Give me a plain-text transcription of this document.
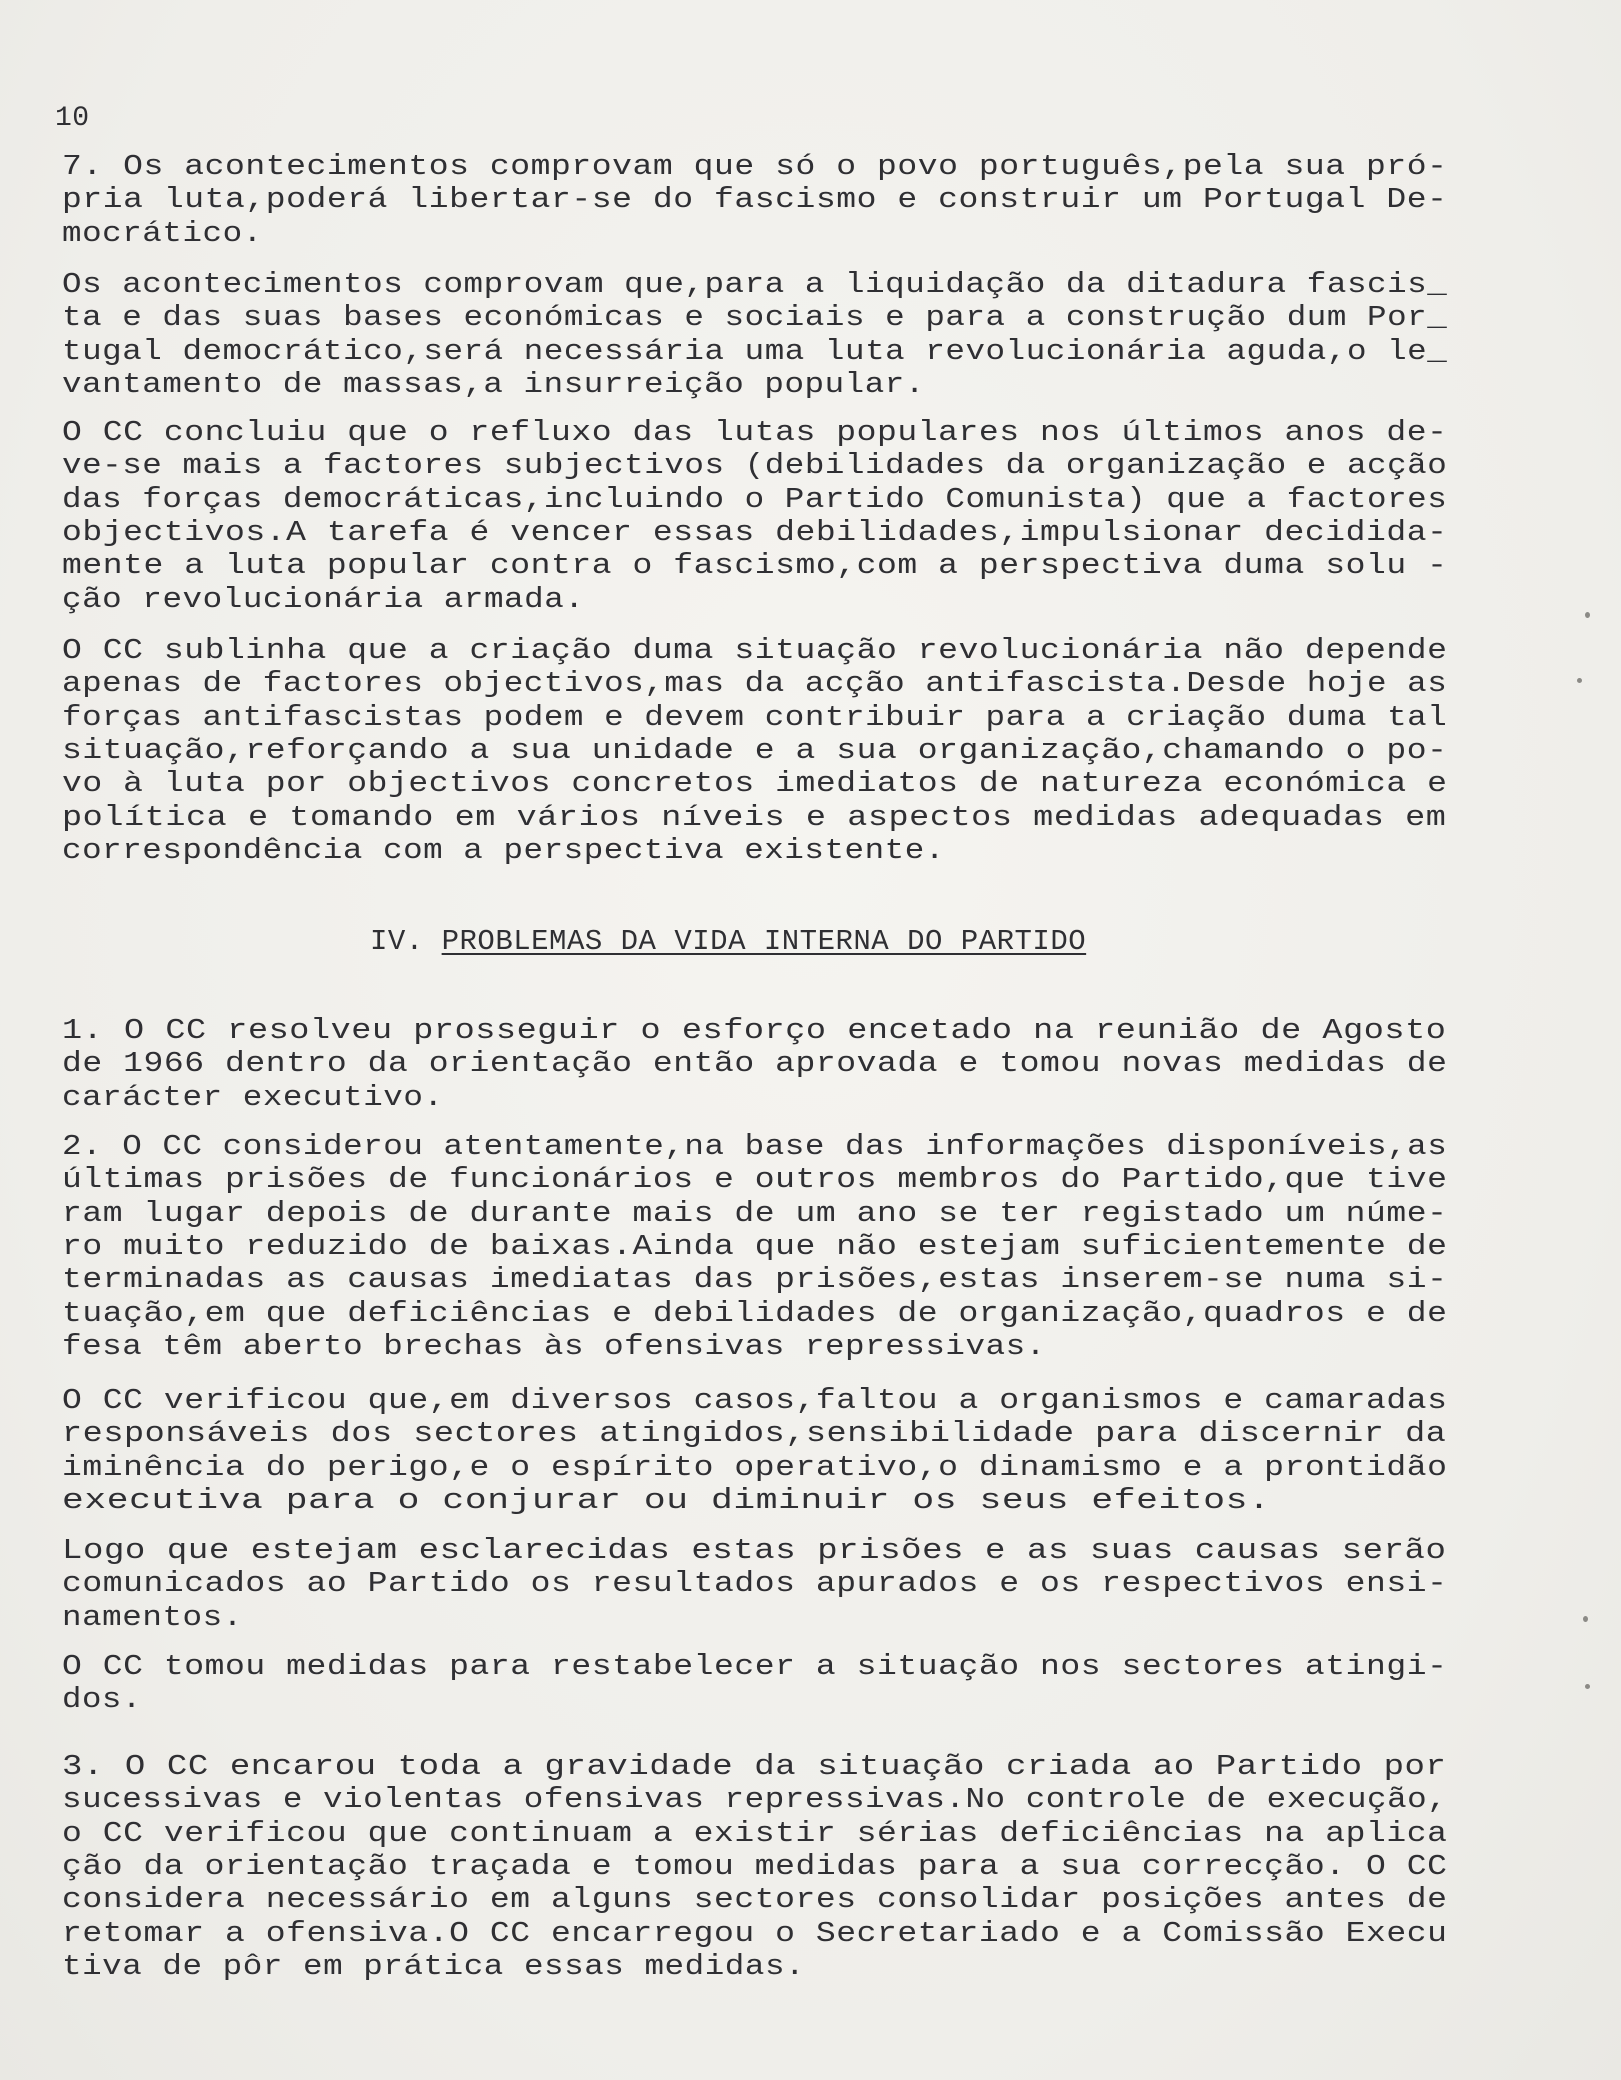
10

7. Os acontecimentos comprovam que só o povo português,pela sua pró-
pria luta,poderá libertar-se do fascismo e construir um Portugal De-
mocrático.
Os acontecimentos comprovam que,para a liquidação da ditadura fascis_
ta e das suas bases económicas e sociais e para a construção dum Por_
tugal democrático,será necessária uma luta revolucionária aguda,o le_
vantamento de massas,a insurreição popular.
O CC concluiu que o refluxo das lutas populares nos últimos anos de-
ve-se mais a factores subjectivos (debilidades da organização e acção
das forças democráticas,incluindo o Partido Comunista) que a factores
objectivos.A tarefa é vencer essas debilidades,impulsionar decidida-
mente a luta popular contra o fascismo,com a perspectiva duma solu -
ção revolucionária armada.
O CC sublinha que a criação duma situação revolucionária não depende
apenas de factores objectivos,mas da acção antifascista.Desde hoje as
forças antifascistas podem e devem contribuir para a criação duma tal
situação,reforçando a sua unidade e a sua organização,chamando o po-
vo à luta por objectivos concretos imediatos de natureza económica e
política e tomando em vários níveis e aspectos medidas adequadas em
correspondência com a perspectiva existente.
IV. PROBLEMAS DA VIDA INTERNA DO PARTIDO
1. O CC resolveu prosseguir o esforço encetado na reunião de Agosto
de 1966 dentro da orientação então aprovada e tomou novas medidas de
carácter executivo.
2. O CC considerou atentamente,na base das informações disponíveis,as
últimas prisões de funcionários e outros membros do Partido,que tive
ram lugar depois de durante mais de um ano se ter registado um núme-
ro muito reduzido de baixas.Ainda que não estejam suficientemente de
terminadas as causas imediatas das prisões,estas inserem-se numa si-
tuação,em que deficiências e debilidades de organização,quadros e de
fesa têm aberto brechas às ofensivas repressivas.
O CC verificou que,em diversos casos,faltou a organismos e camaradas
responsáveis dos sectores atingidos,sensibilidade para discernir da
iminência do perigo,e o espírito operativo,o dinamismo e a prontidão
executiva para o conjurar ou diminuir os seus efeitos.
Logo que estejam esclarecidas estas prisões e as suas causas serão
comunicados ao Partido os resultados apurados e os respectivos ensi-
namentos.
O CC tomou medidas para restabelecer a situação nos sectores atingi-
dos.
3. O CC encarou toda a gravidade da situação criada ao Partido por
sucessivas e violentas ofensivas repressivas.No controle de execução,
o CC verificou que continuam a existir sérias deficiências na aplica
ção da orientação traçada e tomou medidas para a sua correcção. O CC
considera necessário em alguns sectores consolidar posições antes de
retomar a ofensiva.O CC encarregou o Secretariado e a Comissão Execu
tiva de pôr em prática essas medidas.
